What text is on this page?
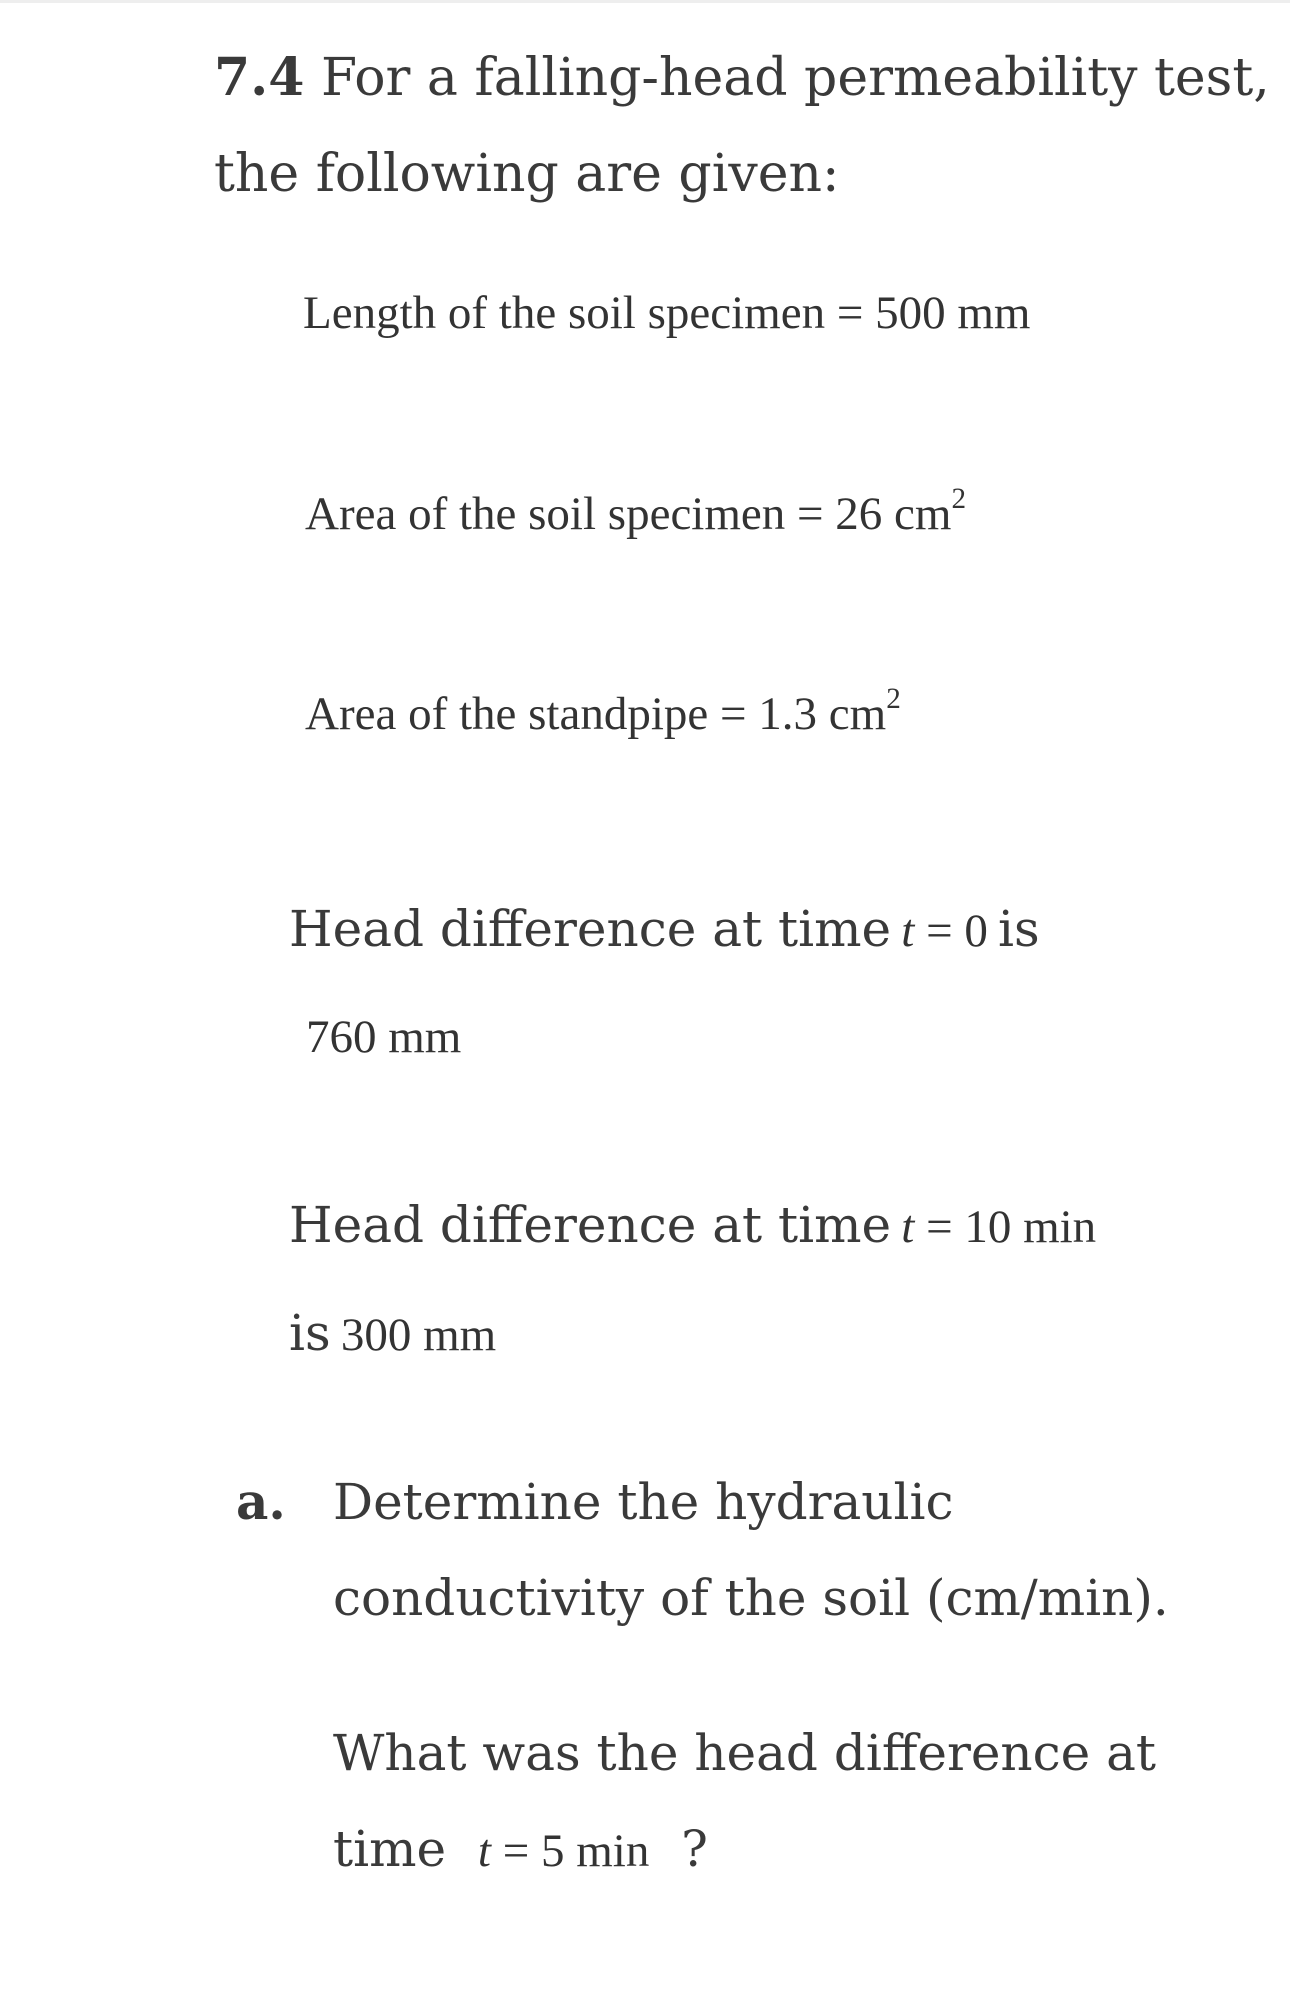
7.4 For a falling-head permeability test,
the following are given:
Length of the soil specimen = 500 mm
Area of the soil specimen = 26 $cm^2$
Area of the standpipe = 1.3 $cm^2$
Head difference at time t = 0 is
760 mm
Head difference at time t = 10 min
is 300 mm
a. Determine the hydraulic
conductivity of the soil (cm/min).
What was the head difference at
time t = 5 min ?
